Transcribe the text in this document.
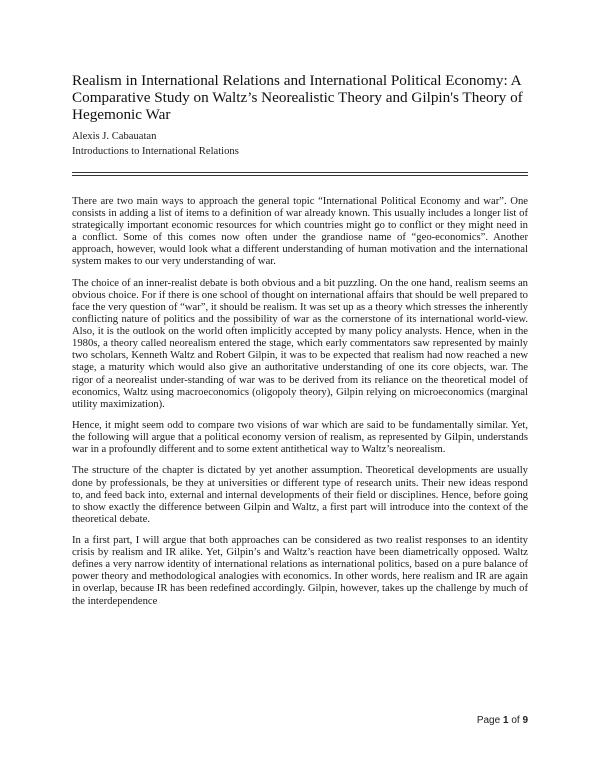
Realism in International Relations and International Political Economy: A Comparative Study on Waltz’s Neorealistic Theory and Gilpin's Theory of Hegemonic War
Alexis J. Cabauatan
Introductions to International Relations

There are two main ways to approach the general topic “International Political Economy and war”. One consists in adding a list of items to a definition of war already known. This usually includes a longer list of strategically important economic resources for which countries might go to conflict or they might need in a conflict. Some of this comes now often under the grandiose name of “geo-economics”. Another approach, however, would look what a different understanding of human motivation and the international system makes to our very understanding of war.

The choice of an inner-realist debate is both obvious and a bit puzzling. On the one hand, realism seems an obvious choice. For if there is one school of thought on international affairs that should be well prepared to face the very question of “war”, it should be realism. It was set up as a theory which stresses the inherently conflicting nature of politics and the possibility of war as the cornerstone of its international world-view. Also, it is the outlook on the world often implicitly accepted by many policy analysts. Hence, when in the 1980s, a theory called neorealism entered the stage, which early commentators saw represented by mainly two scholars, Kenneth Waltz and Robert Gilpin, it was to be expected that realism had now reached a new stage, a maturity which would also give an authoritative understanding of one its core objects, war. The rigor of a neorealist under-standing of war was to be derived from its reliance on the theoretical model of economics, Waltz using macroeconomics (oligopoly theory), Gilpin relying on microeconomics (marginal utility maximization).

Hence, it might seem odd to compare two visions of war which are said to be fundamentally similar. Yet, the following will argue that a political economy version of realism, as represented by Gilpin, understands war in a profoundly different and to some extent antithetical way to Waltz’s neorealism.

The structure of the chapter is dictated by yet another assumption. Theoretical developments are usually done by professionals, be they at universities or different type of research units. Their new ideas respond to, and feed back into, external and internal developments of their field or disciplines. Hence, before going to show exactly the difference between Gilpin and Waltz, a first part will introduce into the context of the theoretical debate.

In a first part, I will argue that both approaches can be considered as two realist responses to an identity crisis by realism and IR alike. Yet, Gilpin’s and Waltz’s reaction have been diametrically opposed. Waltz defines a very narrow identity of international relations as international politics, based on a pure balance of power theory and methodological analogies with economics. In other words, here realism and IR are again in overlap, because IR has been redefined accordingly. Gilpin, however, takes up the challenge by much of the interdependence

Page 1 of 9
